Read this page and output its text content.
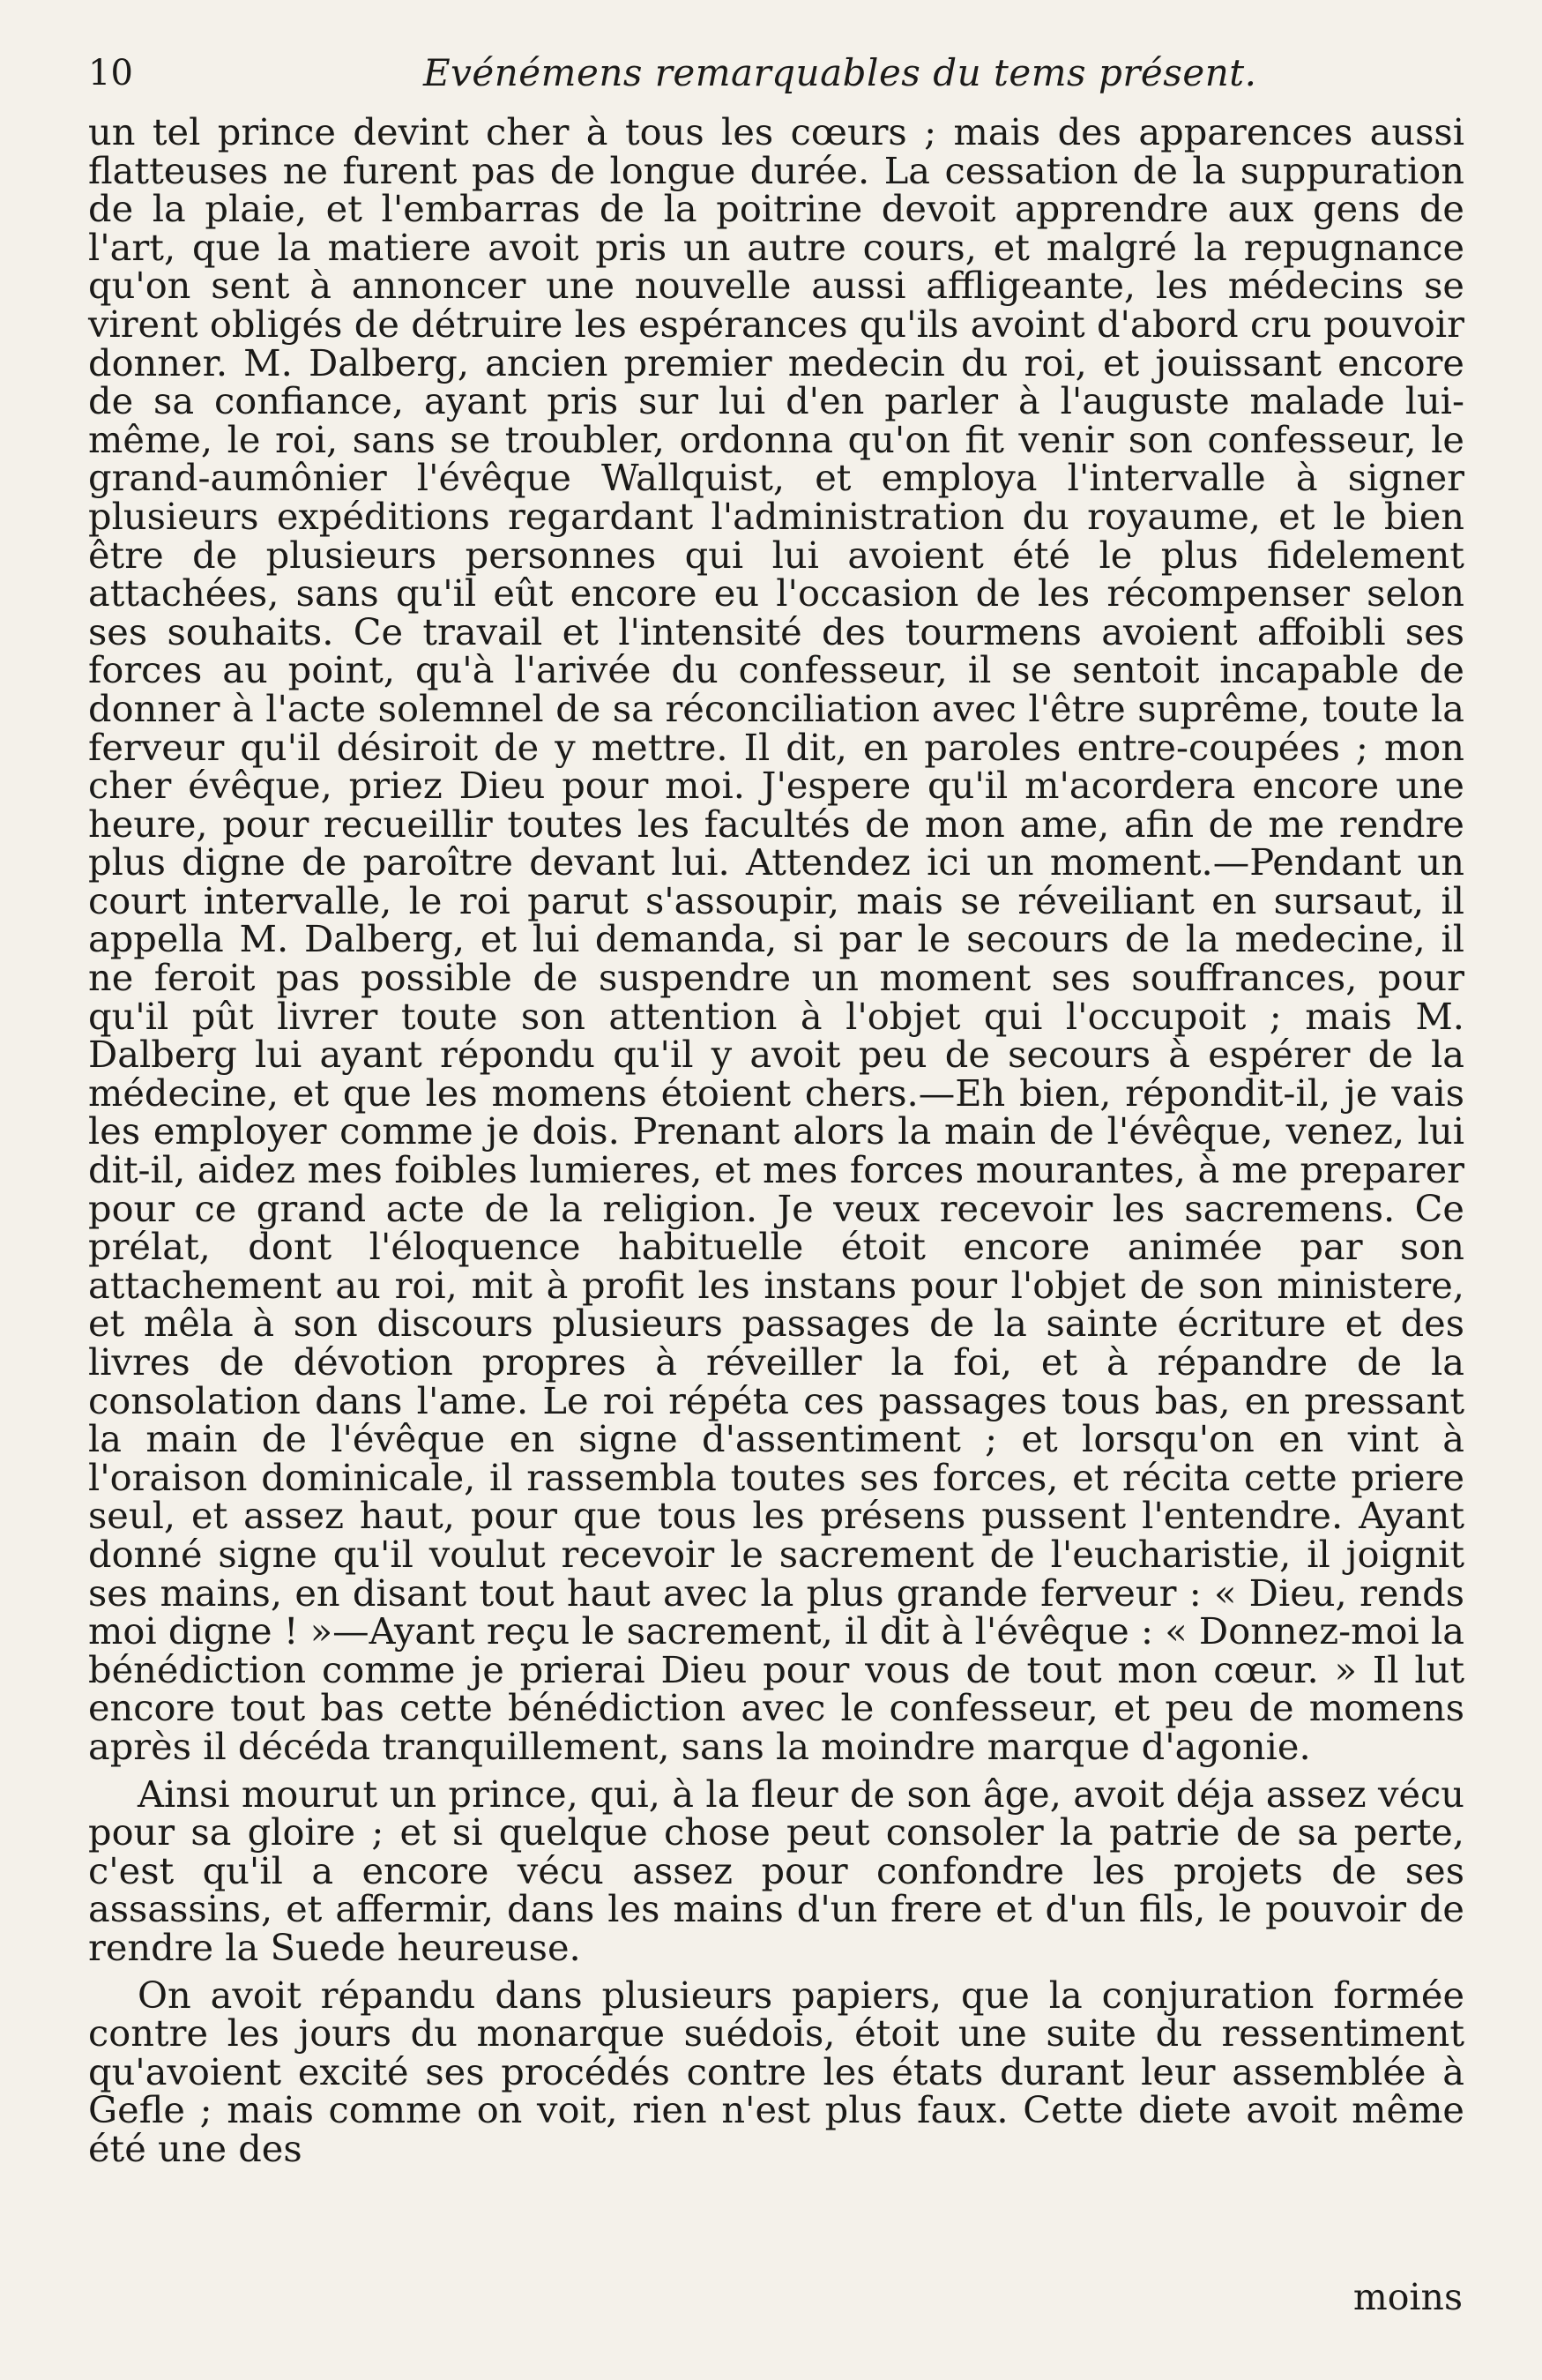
10	Evénémens remarquables du tems présent.

un tel prince devint cher à tous les cœurs ; mais des apparences aussi flatteuses ne furent pas de longue durée. La cessation de la suppuration de la plaie, et l'embarras de la poitrine devoit apprendre aux gens de l'art, que la matiere avoit pris un autre cours, et malgré la repugnance qu'on sent à annoncer une nouvelle aussi affligeante, les médecins se virent obligés de détruire les espérances qu'ils avoint d'abord cru pouvoir donner. M. Dalberg, ancien premier medecin du roi, et jouissant encore de sa confiance, ayant pris sur lui d'en parler à l'auguste malade lui-même, le roi, sans se troubler, ordonna qu'on fit venir son confesseur, le grand-aumônier l'évêque Wallquist, et employa l'intervalle à signer plusieurs expéditions regardant l'administration du royaume, et le bien être de plusieurs personnes qui lui avoient été le plus fidelement attachées, sans qu'il eût encore eu l'occasion de les récompenser selon ses souhaits. Ce travail et l'intensité des tourmens avoient affoibli ses forces au point, qu'à l'arivée du confesseur, il se sentoit incapable de donner à l'acte solemnel de sa réconciliation avec l'être suprême, toute la ferveur qu'il désiroit de y mettre. Il dit, en paroles entre-coupées ; mon cher évêque, priez Dieu pour moi. J'espere qu'il m'acordera encore une heure, pour recueillir toutes les facultés de mon ame, afin de me rendre plus digne de paroître devant lui. Attendez ici un moment.—Pendant un court intervalle, le roi parut s'assoupir, mais se réveiliant en sursaut, il appella M. Dalberg, et lui demanda, si par le secours de la medecine, il ne feroit pas possible de suspendre un moment ses souffrances, pour qu'il pût livrer toute son attention à l'objet qui l'occupoit ; mais M. Dalberg lui ayant répondu qu'il y avoit peu de secours à espérer de la médecine, et que les momens étoient chers.—Eh bien, répondit-il, je vais les employer comme je dois. Prenant alors la main de l'évêque, venez, lui dit-il, aidez mes foibles lumieres, et mes forces mourantes, à me preparer pour ce grand acte de la religion. Je veux recevoir les sacremens. Ce prélat, dont l'éloquence habituelle étoit encore animée par son attachement au roi, mit à profit les instans pour l'objet de son ministere, et mêla à son discours plusieurs passages de la sainte écriture et des livres de dévotion propres à réveiller la foi, et à répandre de la consolation dans l'ame. Le roi répéta ces passages tous bas, en pressant la main de l'évêque en signe d'assentiment ; et lorsqu'on en vint à l'oraison dominicale, il rassembla toutes ses forces, et récita cette priere seul, et assez haut, pour que tous les présens pussent l'entendre. Ayant donné signe qu'il voulut recevoir le sacrement de l'eucharistie, il joignit ses mains, en disant tout haut avec la plus grande ferveur : « Dieu, rends moi digne ! »—Ayant reçu le sacrement, il dit à l'évêque : « Donnez-moi la bénédiction comme je prierai Dieu pour vous de tout mon cœur. » Il lut encore tout bas cette bénédiction avec le confesseur, et peu de momens après il décéda tranquillement, sans la moindre marque d'agonie.

Ainsi mourut un prince, qui, à la fleur de son âge, avoit déja assez vécu pour sa gloire ; et si quelque chose peut consoler la patrie de sa perte, c'est qu'il a encore vécu assez pour confondre les projets de ses assassins, et affermir, dans les mains d'un frere et d'un fils, le pouvoir de rendre la Suede heureuse.

On avoit répandu dans plusieurs papiers, que la conjuration formée contre les jours du monarque suédois, étoit une suite du ressentiment qu'avoient excité ses procédés contre les états durant leur assemblée à Gefle ; mais comme on voit, rien n'est plus faux. Cette diete avoit même été une des

moins
